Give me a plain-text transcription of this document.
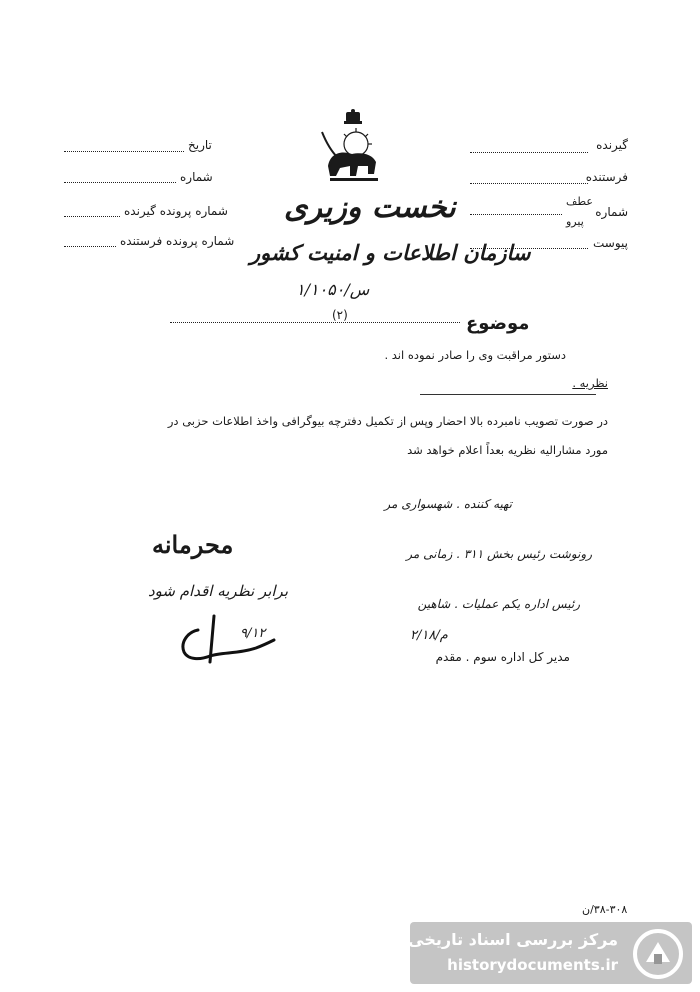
گیرنده
فرستنده
شماره
عطف
پیرو
پیوست
تاریخ
شماره
شماره پرونده گیرنده
شماره پرونده فرستنده
نخست وزیری
سازمان اطلاعات و امنیت کشور
س/۱/۱۰۵۰
موضوع
(۲)
دستور مراقبت وی را صادر نموده اند .
نظریه .
در صورت تصویب نامبرده بالا احضار وپس از تکمیل دفترچه بیوگرافی واخذ اطلاعات حزبی در
مورد مشارالیه نظریه بعداً اعلام خواهد شد
تهیه کننده . شهسواری مر
رونوشت رئیس بخش ۳۱۱ . زمانی مر
رئیس اداره یکم عملیات . شاهین
م/۲/۱۸
مدیر کل اداره سوم . مقدم
محرمانه
برابر نظریه اقدام شود
۹/۱۲
۳۸-۳۰۸/ن
مرکز بررسی اسناد تاریخی
historydocuments.ir
